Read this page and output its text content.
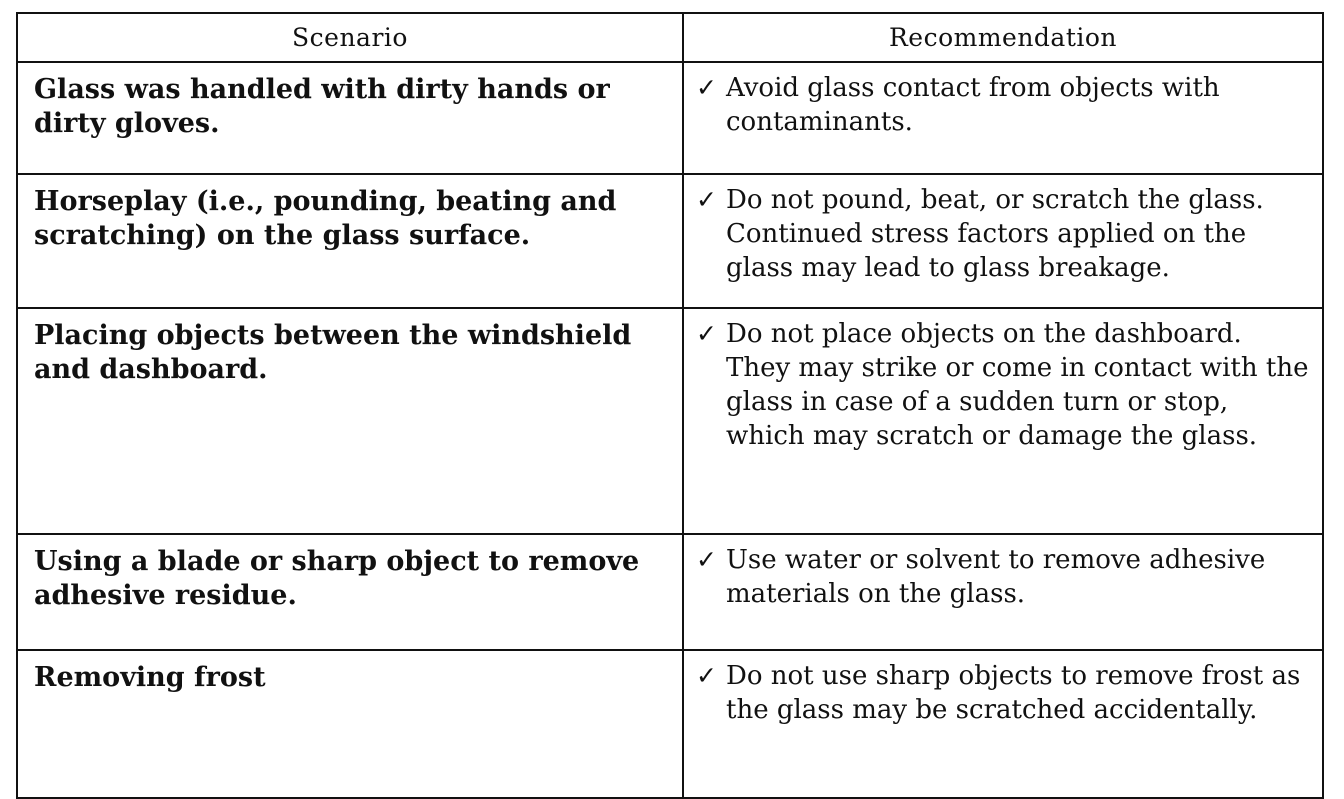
Scenario	Recommendation
Glass was handled with dirty hands or dirty gloves.	✓ Avoid glass contact from objects with contaminants.

Horseplay (i.e., pounding, beating and scratching) on the glass surface.	✓ Do not pound, beat, or scratch the glass. Continued stress factors applied on the glass may lead to glass breakage.

Placing objects between the windshield and dashboard.	✓ Do not place objects on the dashboard. They may strike or come in contact with the glass in case of a sudden turn or stop, which may scratch or damage the glass.

Using a blade or sharp object to remove adhesive residue.	✓ Use water or solvent to remove adhesive materials on the glass.

Removing frost	✓ Do not use sharp objects to remove frost as the glass may be scratched accidentally.
